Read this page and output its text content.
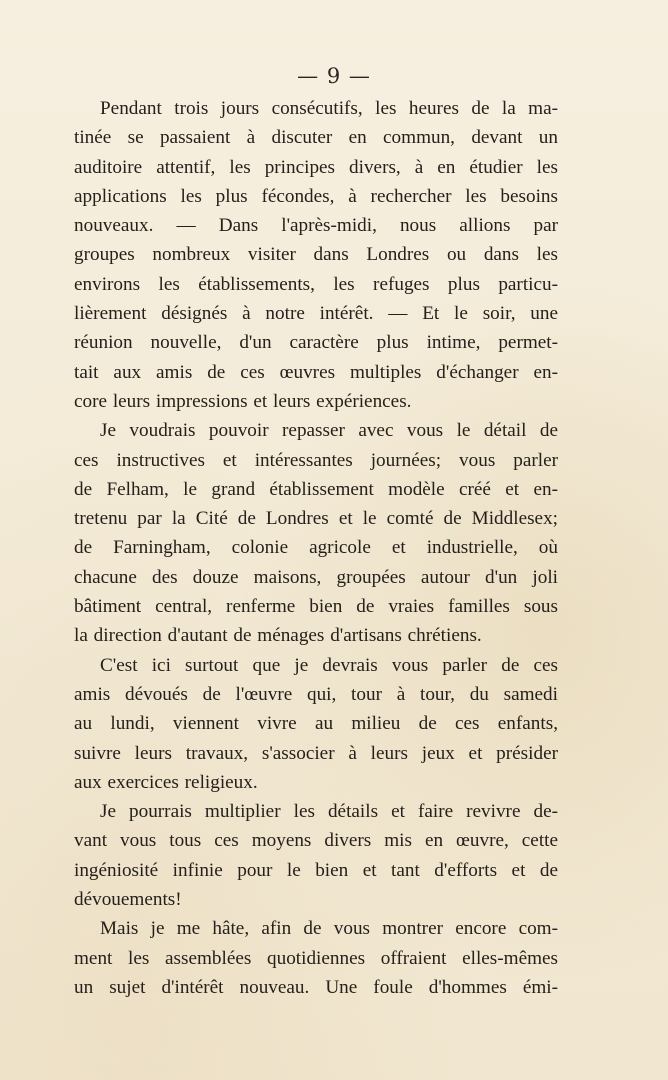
— 9 —
Pendant trois jours consécutifs, les heures de la ma-
tinée se passaient à discuter en commun, devant un
auditoire attentif, les principes divers, à en étudier les
applications les plus fécondes, à rechercher les besoins
nouveaux. — Dans l'après-midi, nous allions par
groupes nombreux visiter dans Londres ou dans les
environs les établissements, les refuges plus particu-
lièrement désignés à notre intérêt. — Et le soir, une
réunion nouvelle, d'un caractère plus intime, permet-
tait aux amis de ces œuvres multiples d'échanger en-
core leurs impressions et leurs expériences.
Je voudrais pouvoir repasser avec vous le détail de
ces instructives et intéressantes journées; vous parler
de Felham, le grand établissement modèle créé et en-
tretenu par la Cité de Londres et le comté de Middlesex;
de Farningham, colonie agricole et industrielle, où
chacune des douze maisons, groupées autour d'un joli
bâtiment central, renferme bien de vraies familles sous
la direction d'autant de ménages d'artisans chrétiens.
C'est ici surtout que je devrais vous parler de ces
amis dévoués de l'œuvre qui, tour à tour, du samedi
au lundi, viennent vivre au milieu de ces enfants,
suivre leurs travaux, s'associer à leurs jeux et présider
aux exercices religieux.
Je pourrais multiplier les détails et faire revivre de-
vant vous tous ces moyens divers mis en œuvre, cette
ingéniosité infinie pour le bien et tant d'efforts et de
dévouements!
Mais je me hâte, afin de vous montrer encore com-
ment les assemblées quotidiennes offraient elles-mêmes
un sujet d'intérêt nouveau. Une foule d'hommes émi-
